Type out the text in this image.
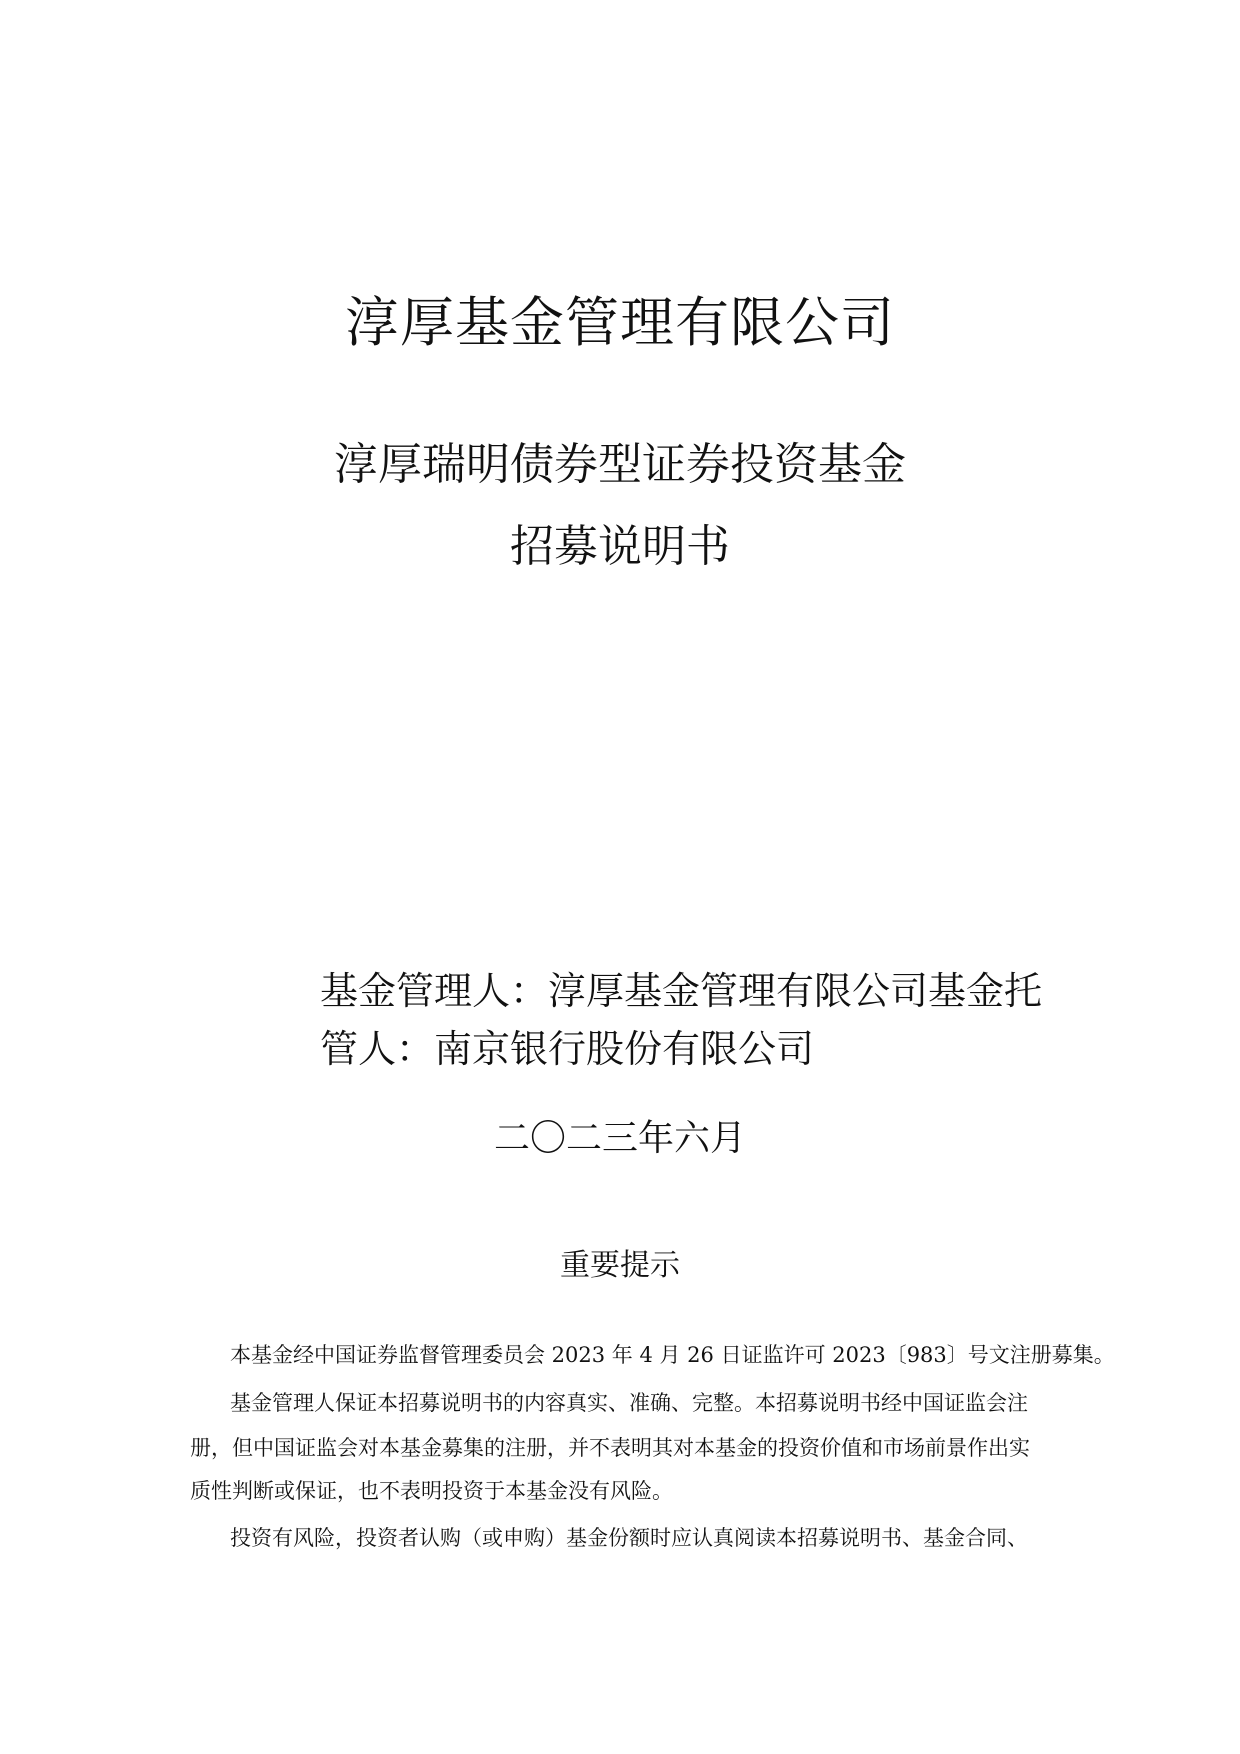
淳厚基金管理有限公司
淳厚瑞明债券型证券投资基金
招募说明书
基金管理人：淳厚基金管理有限公司基金托
管人：南京银行股份有限公司
二〇二三年六月
重要提示
本基金经中国证券监督管理委员会 2023 年 4 月 26 日证监许可 2023〔983〕号文注册募集。
基金管理人保证本招募说明书的内容真实、准确、完整。本招募说明书经中国证监会注
册，但中国证监会对本基金募集的注册，并不表明其对本基金的投资价值和市场前景作出实
质性判断或保证，也不表明投资于本基金没有风险。
投资有风险，投资者认购（或申购）基金份额时应认真阅读本招募说明书、基金合同、
